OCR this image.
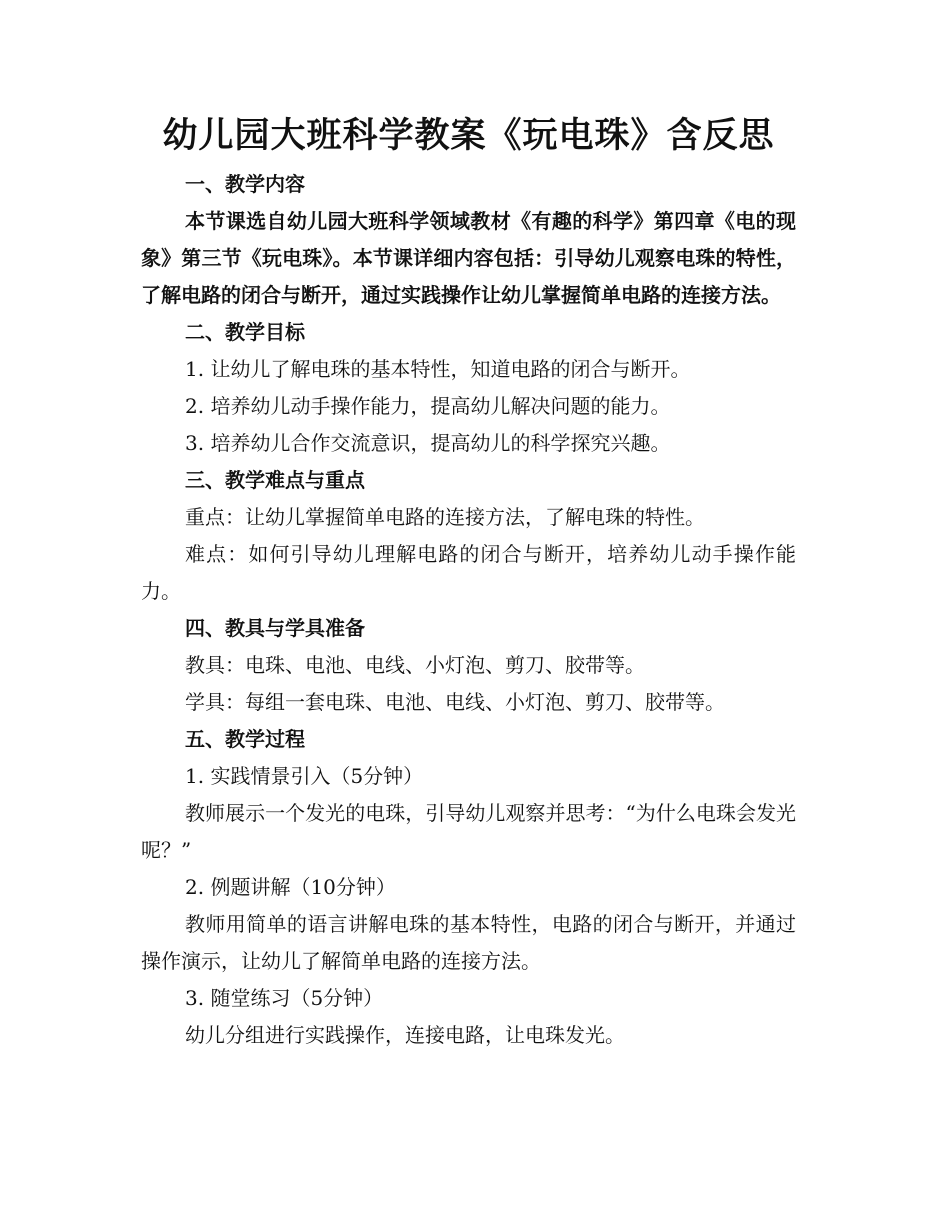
幼儿园大班科学教案《玩电珠》含反思

一、教学内容

本节课选自幼儿园大班科学领域教材《有趣的科学》第四章《电的现象》第三节《玩电珠》。本节课详细内容包括：引导幼儿观察电珠的特性，了解电路的闭合与断开，通过实践操作让幼儿掌握简单电路的连接方法。

二、教学目标

1. 让幼儿了解电珠的基本特性，知道电路的闭合与断开。

2. 培养幼儿动手操作能力，提高幼儿解决问题的能力。

3. 培养幼儿合作交流意识，提高幼儿的科学探究兴趣。

三、教学难点与重点

重点：让幼儿掌握简单电路的连接方法，了解电珠的特性。

难点：如何引导幼儿理解电路的闭合与断开，培养幼儿动手操作能力。

四、教具与学具准备

教具：电珠、电池、电线、小灯泡、剪刀、胶带等。

学具：每组一套电珠、电池、电线、小灯泡、剪刀、胶带等。

五、教学过程

1. 实践情景引入（5分钟）

教师展示一个发光的电珠，引导幼儿观察并思考：“为什么电珠会发光呢？”

2. 例题讲解（10分钟）

教师用简单的语言讲解电珠的基本特性，电路的闭合与断开，并通过操作演示，让幼儿了解简单电路的连接方法。

3. 随堂练习（5分钟）

幼儿分组进行实践操作，连接电路，让电珠发光。
